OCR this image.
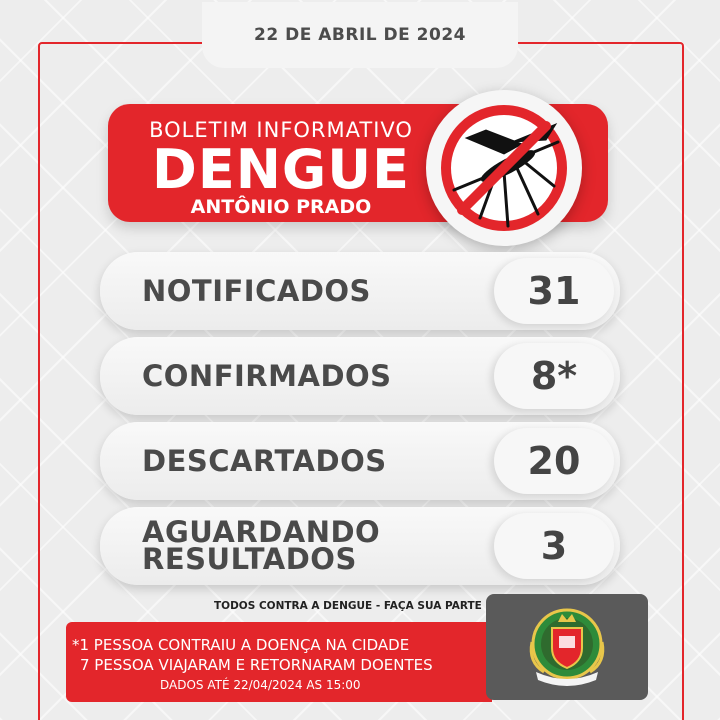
22 DE ABRIL DE 2024
BOLETIM INFORMATIVO
DENGUE
ANTÔNIO PRADO
NOTIFICADOS	31
CONFIRMADOS	8*
DESCARTADOS	20
AGUARDANDO
RESULTADOS	3
TODOS CONTRA A DENGUE - FAÇA SUA PARTE
*1 PESSOA CONTRAIU A DOENÇA NA CIDADE
7 PESSOA VIAJARAM E RETORNARAM DOENTES
DADOS ATÉ 22/04/2024 AS 15:00
